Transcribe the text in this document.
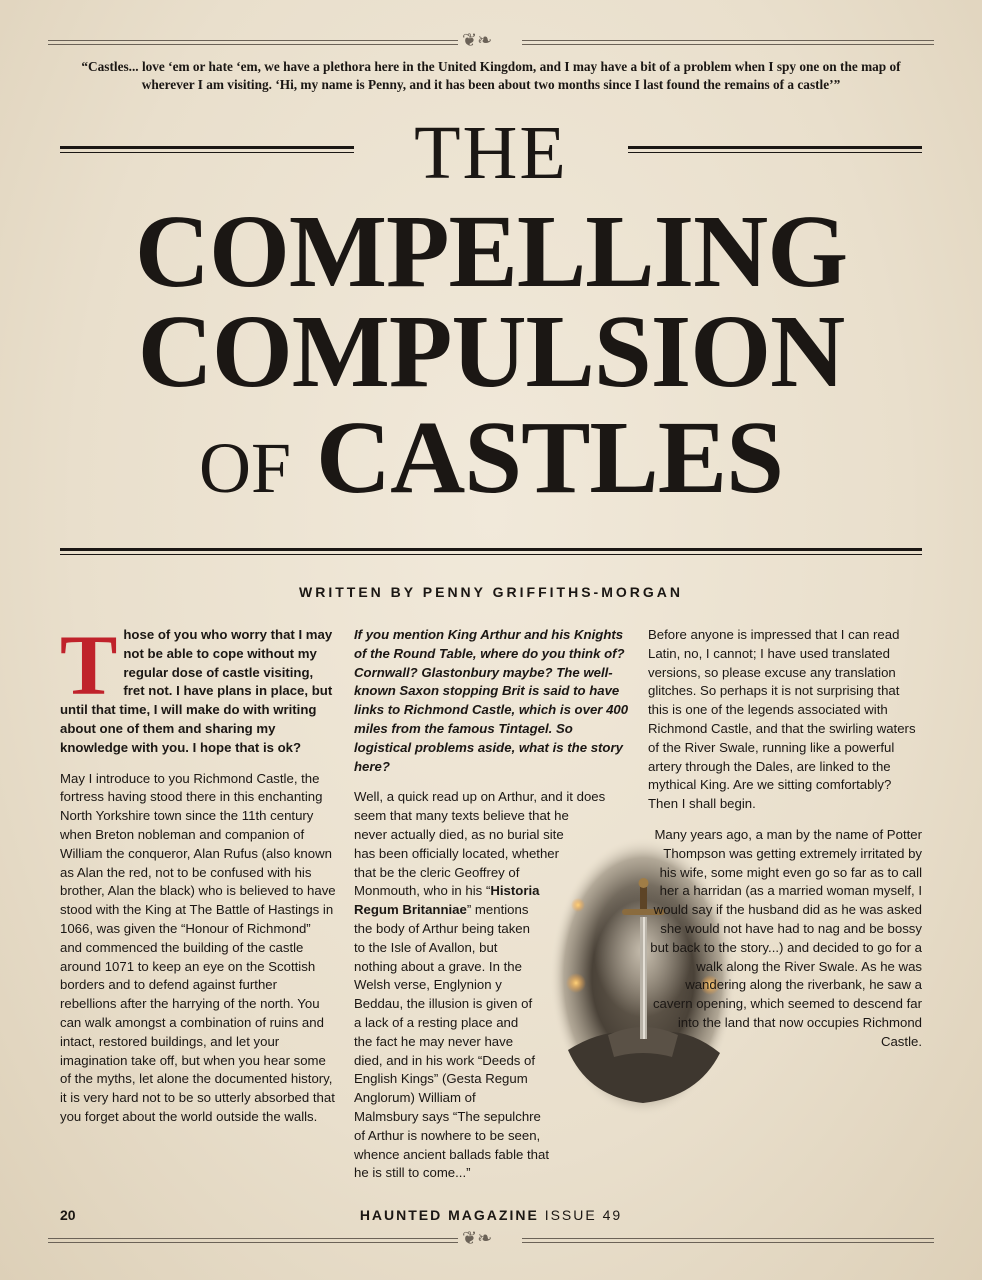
❦❧
“Castles... love ‘em or hate ‘em, we have a plethora here in the United Kingdom, and I may have a bit of a problem when I spy one on the map of wherever I am visiting. ‘Hi, my name is Penny, and it has been about two months since I last found the remains of a castle’”
THE
COMPELLING
COMPULSION
OF CASTLES
WRITTEN BY PENNY GRIFFITHS-MORGAN

Those of you who worry that I may not be able to cope without my regular dose of castle visiting, fret not. I have plans in place, but until that time, I will make do with writing about one of them and sharing my knowledge with you. I hope that is ok?

May I introduce to you Richmond Castle, the fortress having stood there in this enchanting North Yorkshire town since the 11th century when Breton nobleman and companion of William the conqueror, Alan Rufus (also known as Alan the red, not to be confused with his brother, Alan the black) who is believed to have stood with the King at The Battle of Hastings in 1066, was given the “Honour of Richmond” and commenced the building of the castle around 1071 to keep an eye on the Scottish borders and to defend against further rebellions after the harrying of the north. You can walk amongst a combination of ruins and intact, restored buildings, and let your imagination take off, but when you hear some of the myths, let alone the documented history, it is very hard not to be so utterly absorbed that you forget about the world outside the walls.

If you mention King Arthur and his Knights of the Round Table, where do you think of? Cornwall? Glastonbury maybe? The well-known Saxon stopping Brit is said to have links to Richmond Castle, which is over 400 miles from the famous Tintagel. So logistical problems aside, what is the story here?

Well, a quick read up on Arthur, and it does seem that many texts believe that he never actually died, as no burial site has been officially located, whether that be the cleric Geoffrey of Monmouth, who in his “Historia Regum Britanniae” mentions the body of Arthur being taken to the Isle of Avallon, but nothing about a grave. In the Welsh verse, Englynion y Beddau, the illusion is given of a lack of a resting place and the fact he may never have died, and in his work “Deeds of English Kings” (Gesta Regum Anglorum) William of Malmsbury says “The sepulchre of Arthur is nowhere to be seen, whence ancient ballads fable that he is still to come...”

Before anyone is impressed that I can read Latin, no, I cannot; I have used translated versions, so please excuse any translation glitches. So perhaps it is not surprising that this is one of the legends associated with Richmond Castle, and that the swirling waters of the River Swale, running like a powerful artery through the Dales, are linked to the mythical King. Are we sitting comfortably? Then I shall begin.

Many years ago, a man by the name of Potter Thompson was getting extremely irritated by his wife, some might even go so far as to call her a harridan (as a married woman myself, I would say if the husband did as he was asked she would not have had to nag and be bossy but back to the story...) and decided to go for a walk along the River Swale. As he was wandering along the riverbank, he saw a cavern opening, which seemed to descend far into the land that now occupies Richmond Castle.

20	HAUNTED MAGAZINE ISSUE 49
❦❧
